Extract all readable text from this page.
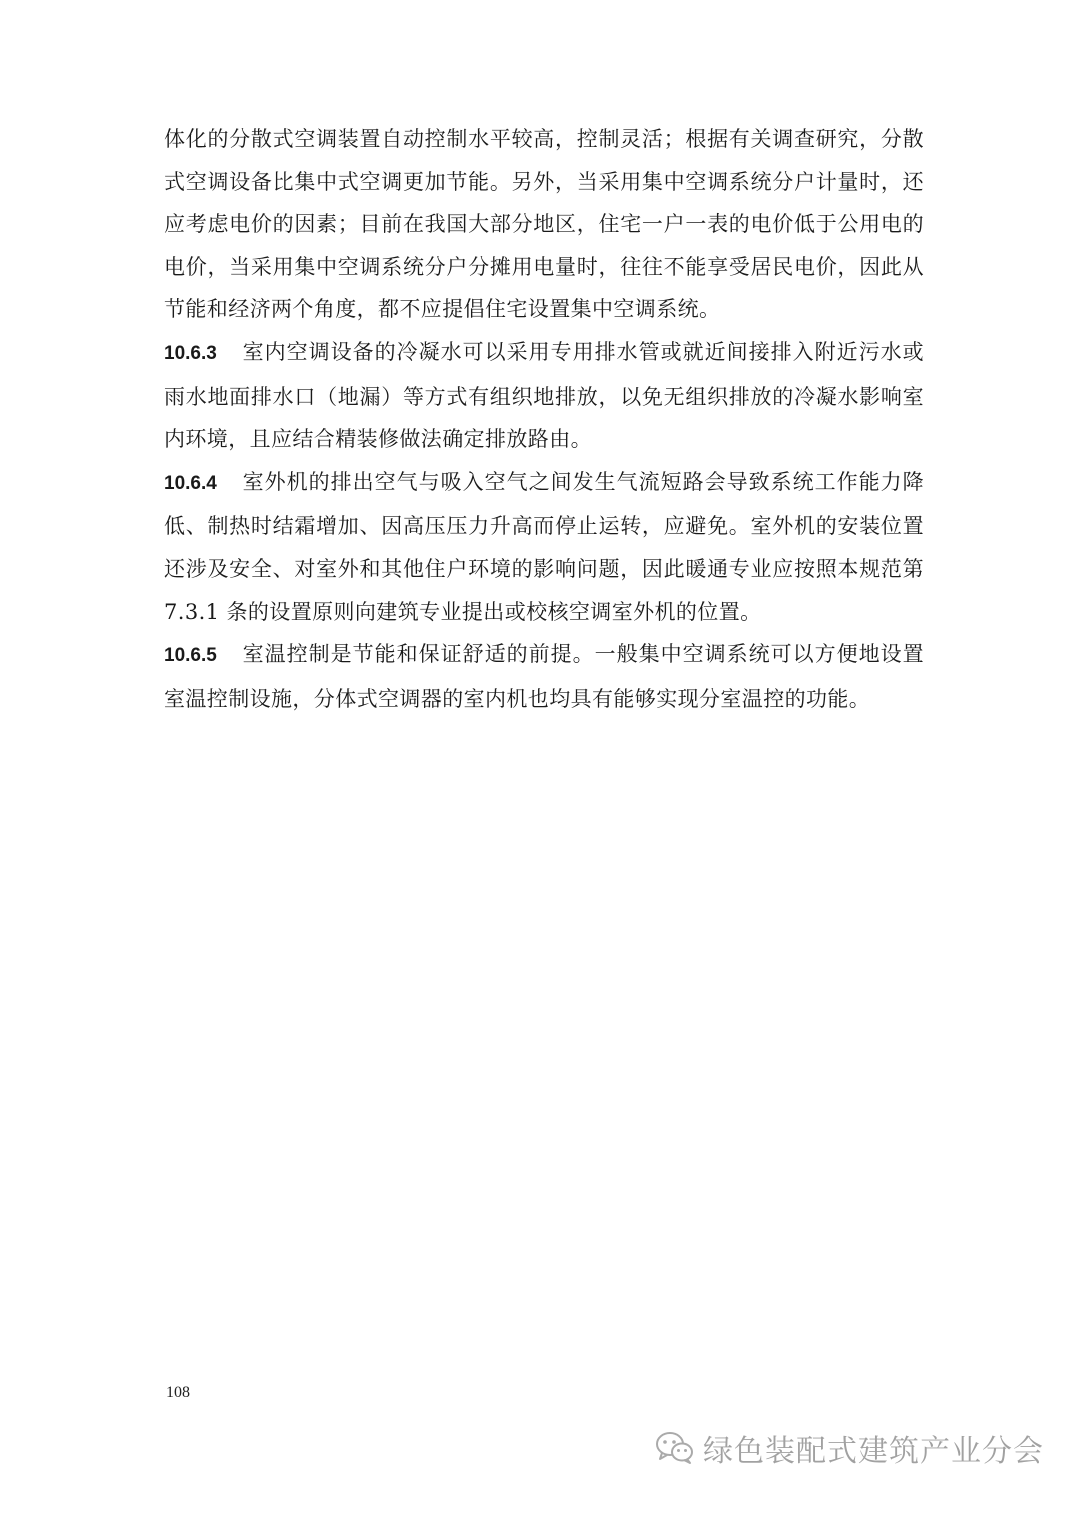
体化的分散式空调装置自动控制水平较高，控制灵活；根据有关调查研究，分散式空调设备比集中式空调更加节能。另外，当采用集中空调系统分户计量时，还应考虑电价的因素；目前在我国大部分地区，住宅一户一表的电价低于公用电的电价，当采用集中空调系统分户分摊用电量时，往往不能享受居民电价，因此从节能和经济两个角度，都不应提倡住宅设置集中空调系统。

10.6.3 室内空调设备的冷凝水可以采用专用排水管或就近间接排入附近污水或雨水地面排水口（地漏）等方式有组织地排放，以免无组织排放的冷凝水影响室内环境，且应结合精装修做法确定排放路由。

10.6.4 室外机的排出空气与吸入空气之间发生气流短路会导致系统工作能力降低、制热时结霜增加、因高压压力升高而停止运转，应避免。室外机的安装位置还涉及安全、对室外和其他住户环境的影响问题，因此暖通专业应按照本规范第 7.3.1 条的设置原则向建筑专业提出或校核空调室外机的位置。

10.6.5 室温控制是节能和保证舒适的前提。一般集中空调系统可以方便地设置室温控制设施，分体式空调器的室内机也均具有能够实现分室温控的功能。

108
绿色装配式建筑产业分会
